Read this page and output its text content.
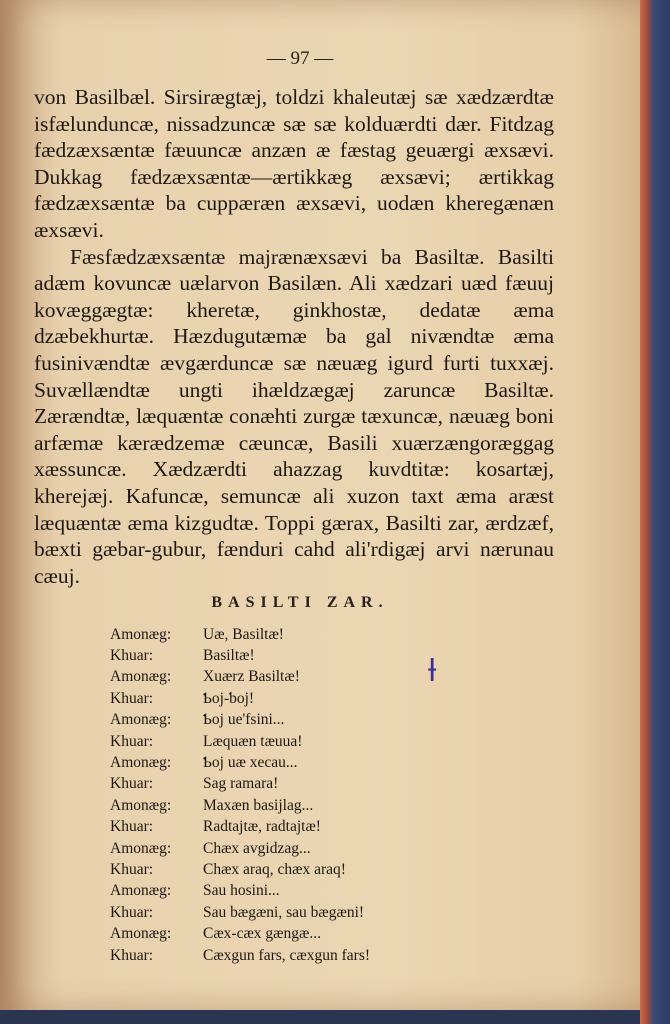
— 97 —

von Basilbæl. Sirsirægtæj, toldzi khaleutæj sæ xædzærdtæ isfælunduncæ, nissadzuncæ sæ sæ kolduærdti dær. Fitdzag fædzæxsæntæ fæuuncæ anzæn æ fæstag geuærgi æxsævi. Dukkag fædzæxsæntæ—ærtikkæg æxsævi; ærtikkag fædzæxsæntæ ba cuppæræn æxsævi, uodæn kheregænæn æxsævi.

Fæsfædzæxsæntæ majrænæxsævi ba Basiltæ. Basilti adæm kovuncæ uælarvon Basilæn. Ali xædzari uæd fæuuj kovæggægtæ: kheretæ, ginkhostæ, dedatæ æma dzæbekhurtæ. Hæzdugutæmæ ba gal nivændtæ æma fusinivændtæ ævgærduncæ sæ næuæg igurd furti tuxxæj. Suvællændtæ ungti ihældzægæj zaruncæ Basiltæ. Zærændtæ, læquæntæ conæhti zurgæ tæxuncæ, næuæg boni arfæmæ kærædzemæ cæuncæ, Basili xuærzængoræggag xæssuncæ. Xædzærdti ahazzag kuvdtitæ: kosartæj, kherejæj. Kafuncæ, semuncæ ali xuzon taxt æma aræst læquæntæ æma kizgudtæ. Toppi gærax, Basilti zar, ærdzæf, bæxti gæbar-gubur, fænduri cahd ali'rdigæj arvi nærunau cæuj.

BASILTI ZAR.
Amonæg:	Uæ, Basiltæ!
Khuar:	Basiltæ!
Amonæg:	Xuærz Basiltæ!
Khuar:	Ƅoj-ƅoj!
Amonæg:	Ƅoj ue'fsini...
Khuar:	Læquæn tæuua!
Amonæg:	Ƅoj uæ xecau...
Khuar:	Sag ramara!
Amonæg:	Maxæn basijlag...
Khuar:	Radtajtæ, radtajtæ!
Amonæg:	Chæx avgidzag...
Khuar:	Chæx araq, chæx araq!
Amonæg:	Sau hosini...
Khuar:	Sau bægæni, sau bægæni!
Amonæg:	Cæx-cæx gængæ...
Khuar:	Cæxgun fars, cæxgun fars!
ƚ
